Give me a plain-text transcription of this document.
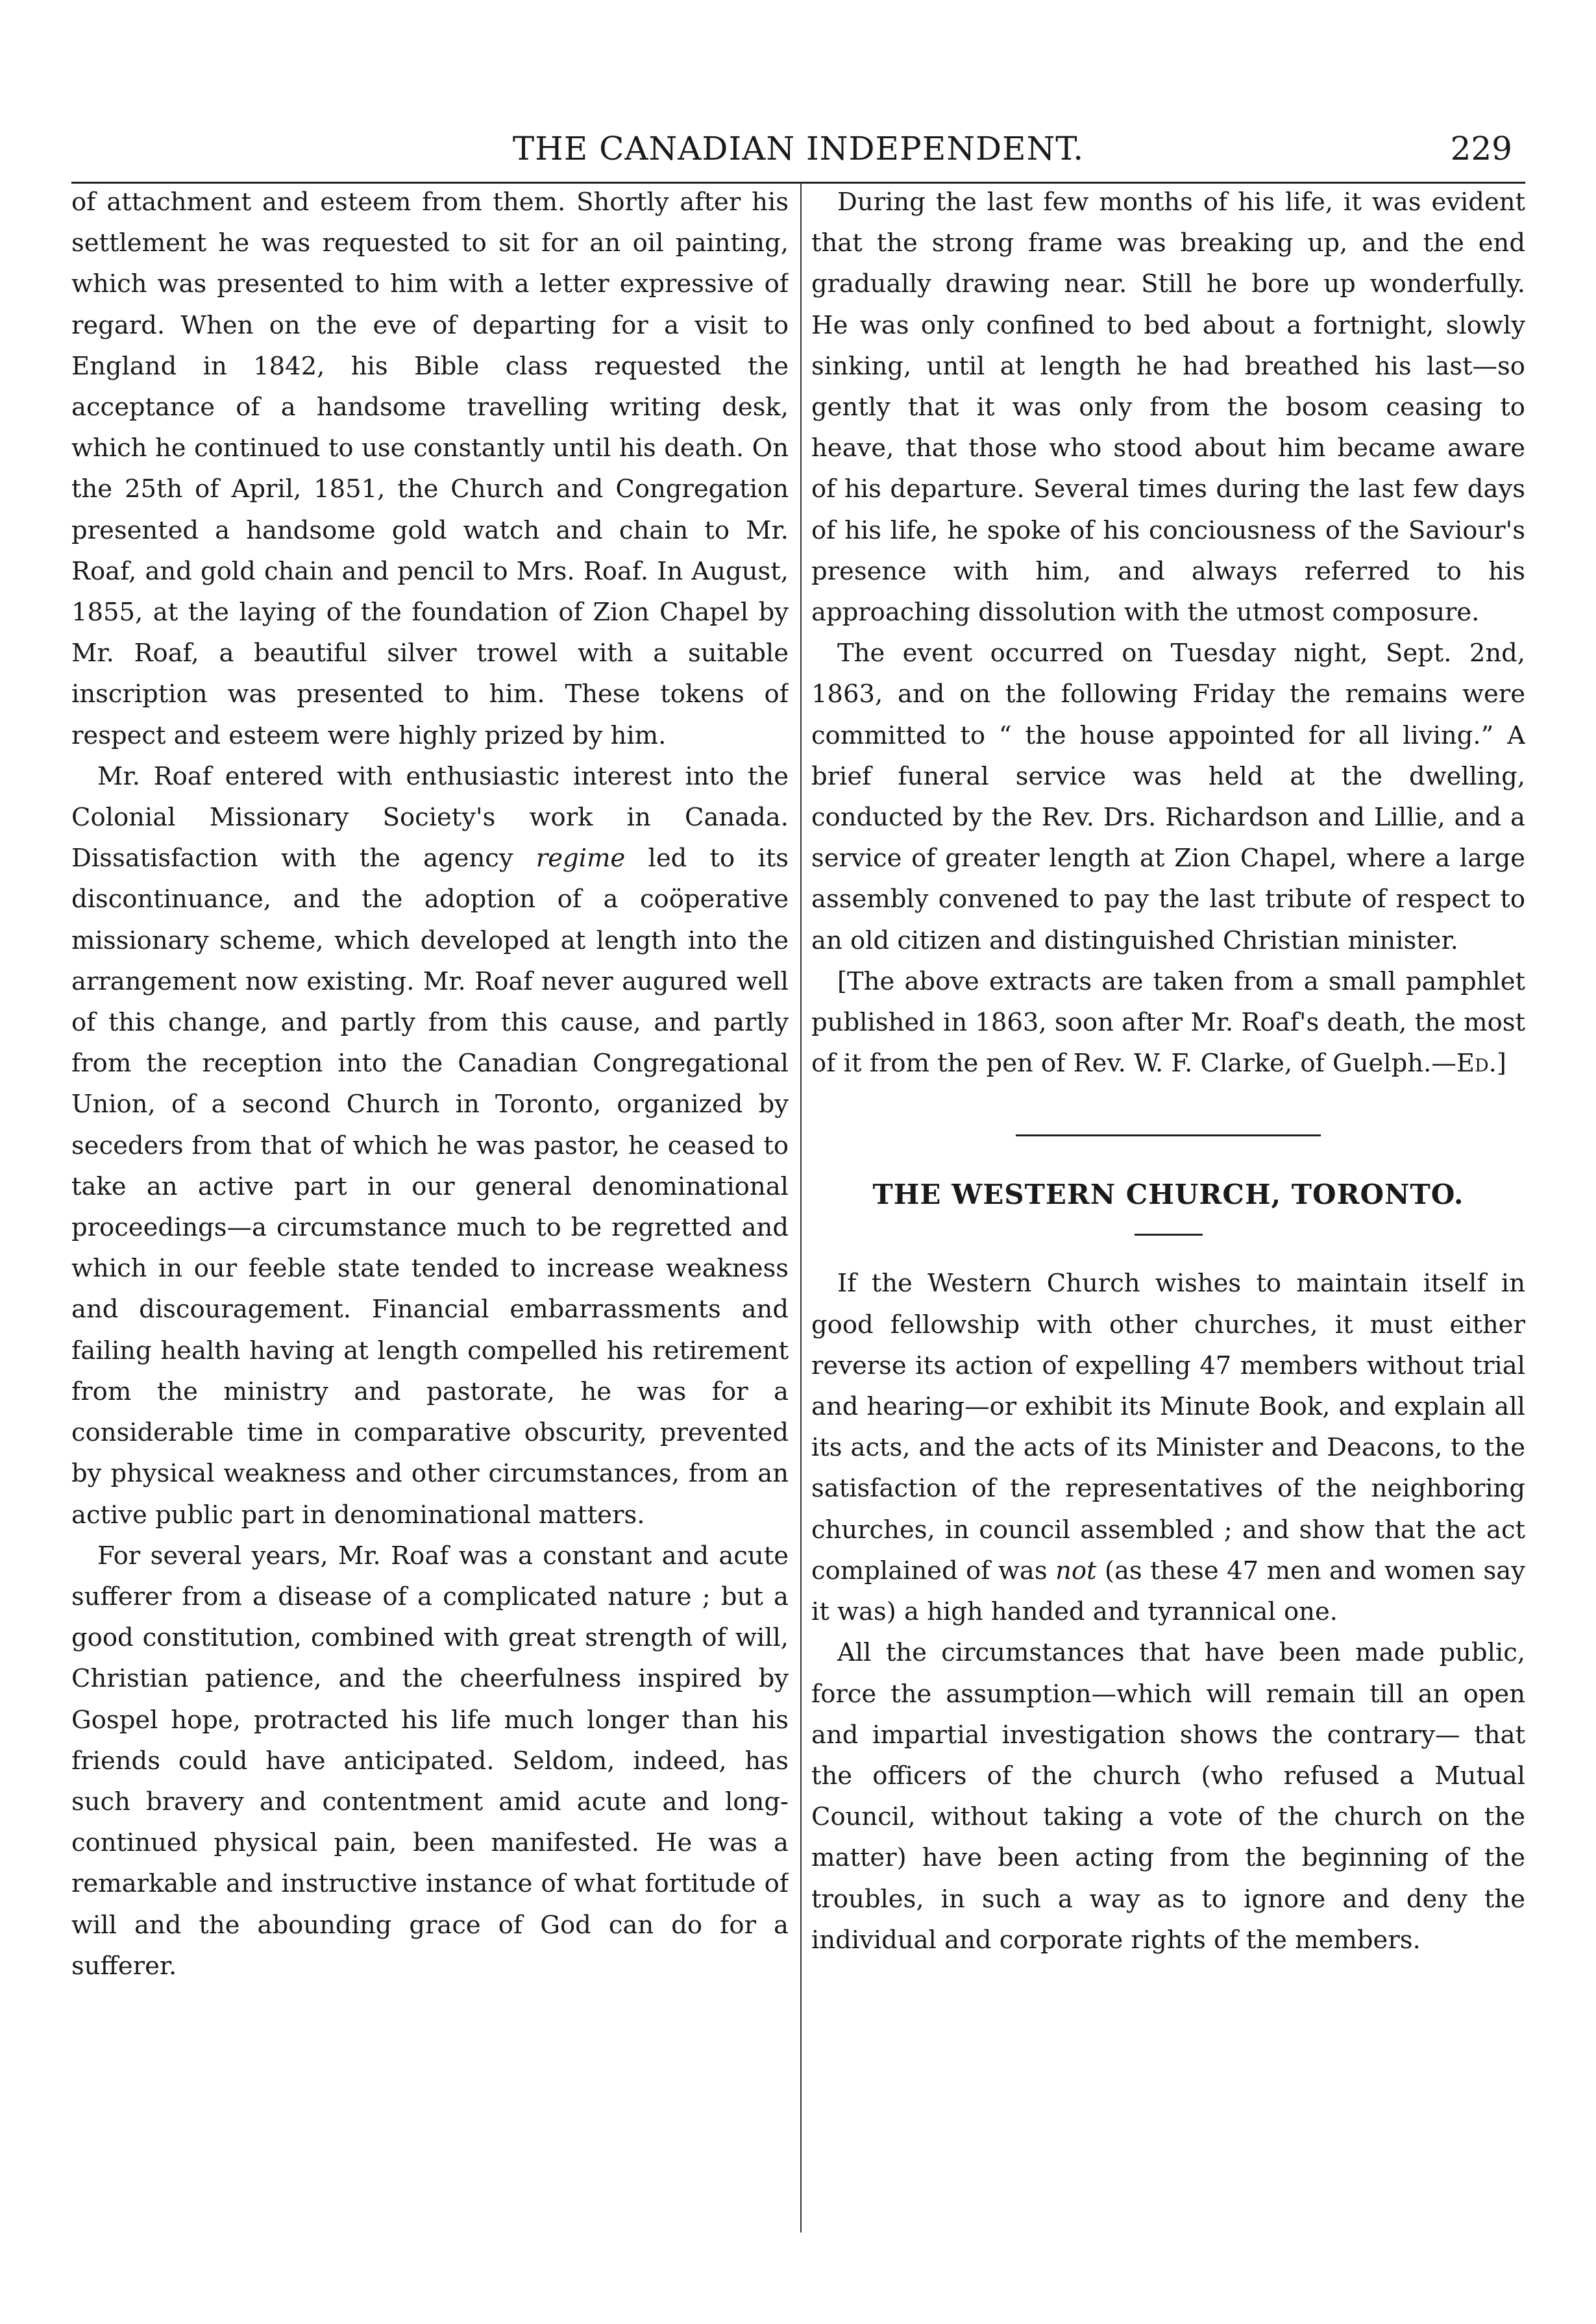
THE CANADIAN INDEPENDENT.	229

of attachment and esteem from them. Shortly after his settlement he was requested to sit for an oil painting, which was presented to him with a letter expressive of regard. When on the eve of departing for a visit to England in 1842, his Bible class requested the acceptance of a handsome travelling writing desk, which he continued to use constantly until his death. On the 25th of April, 1851, the Church and Congregation presented a handsome gold watch and chain to Mr. Roaf, and gold chain and pencil to Mrs. Roaf. In August, 1855, at the laying of the foundation of Zion Chapel by Mr. Roaf, a beautiful silver trowel with a suitable inscription was presented to him. These tokens of respect and esteem were highly prized by him.

Mr. Roaf entered with enthusiastic interest into the Colonial Missionary Society's work in Canada. Dissatisfaction with the agency regime led to its discontinuance, and the adoption of a coöperative missionary scheme, which developed at length into the arrangement now existing. Mr. Roaf never augured well of this change, and partly from this cause, and partly from the reception into the Canadian Congregational Union, of a second Church in Toronto, organized by seceders from that of which he was pastor, he ceased to take an active part in our general denominational proceedings—a circumstance much to be regretted and which in our feeble state tended to increase weakness and discouragement. Financial embarrassments and failing health having at length compelled his retirement from the ministry and pastorate, he was for a considerable time in comparative obscurity, prevented by physical weakness and other circumstances, from an active public part in denominational matters.

For several years, Mr. Roaf was a constant and acute sufferer from a disease of a complicated nature ; but a good constitution, combined with great strength of will, Christian patience, and the cheerfulness inspired by Gospel hope, protracted his life much longer than his friends could have anticipated. Seldom, indeed, has such bravery and contentment amid acute and long-continued physical pain, been manifested. He was a remarkable and instructive instance of what fortitude of will and the abounding grace of God can do for a sufferer.

During the last few months of his life, it was evident that the strong frame was breaking up, and the end gradually drawing near. Still he bore up wonderfully. He was only confined to bed about a fortnight, slowly sinking, until at length he had breathed his last—so gently that it was only from the bosom ceasing to heave, that those who stood about him became aware of his departure. Several times during the last few days of his life, he spoke of his conciousness of the Saviour's presence with him, and always referred to his approaching dissolution with the utmost composure.

The event occurred on Tuesday night, Sept. 2nd, 1863, and on the following Friday the remains were committed to “ the house appointed for all living.” A brief funeral service was held at the dwelling, conducted by the Rev. Drs. Richardson and Lillie, and a service of greater length at Zion Chapel, where a large assembly convened to pay the last tribute of respect to an old citizen and distinguished Christian minister.

[The above extracts are taken from a small pamphlet published in 1863, soon after Mr. Roaf's death, the most of it from the pen of Rev. W. F. Clarke, of Guelph.—Ed.]

THE WESTERN CHURCH, TORONTO.

If the Western Church wishes to maintain itself in good fellowship with other churches, it must either reverse its action of expelling 47 members without trial and hearing—or exhibit its Minute Book, and explain all its acts, and the acts of its Minister and Deacons, to the satisfaction of the representatives of the neighboring churches, in council assembled ; and show that the act complained of was not (as these 47 men and women say it was) a high handed and tyrannical one.

All the circumstances that have been made public, force the assumption—which will remain till an open and impartial investigation shows the contrary— that the officers of the church (who refused a Mutual Council, without taking a vote of the church on the matter) have been acting from the beginning of the troubles, in such a way as to ignore and deny the individual and corporate rights of the members.
